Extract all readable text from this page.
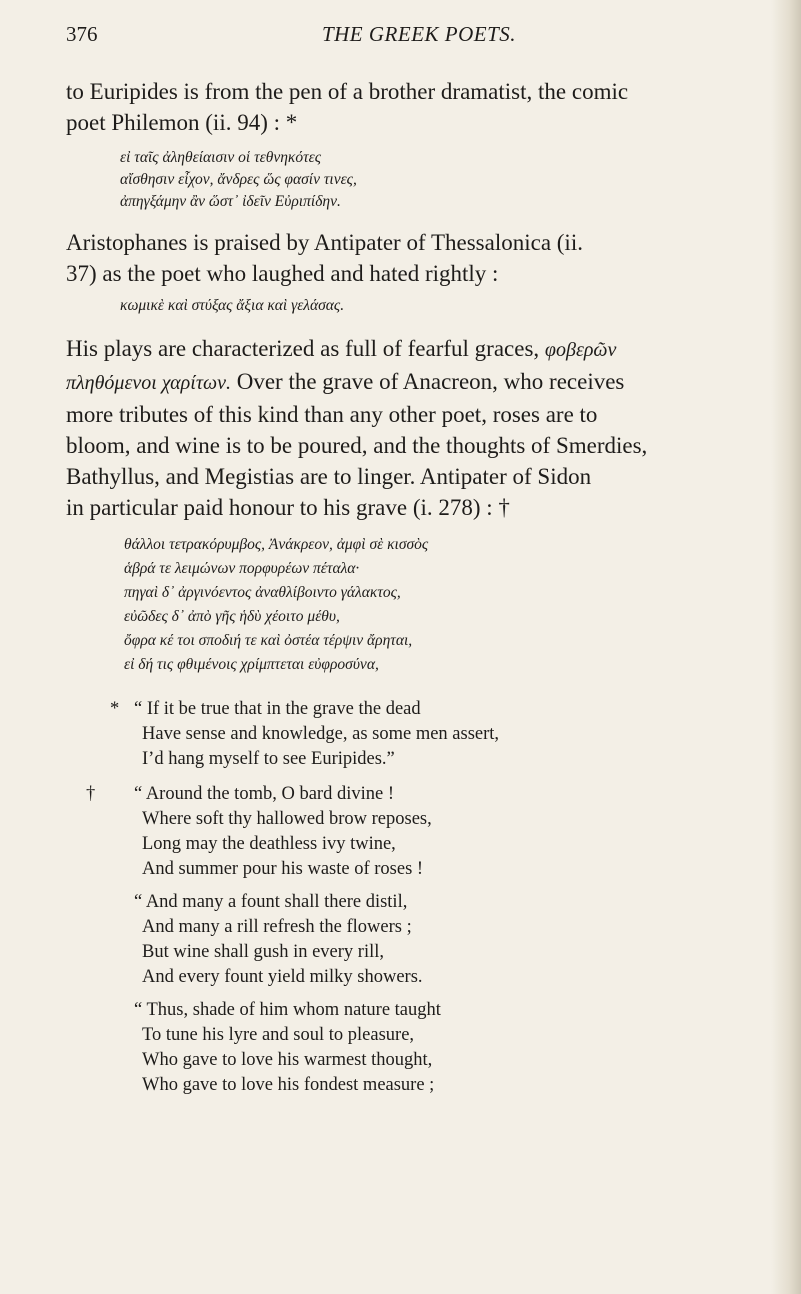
376	THE GREEK POETS.

to Euripides is from the pen of a brother dramatist, the comic
poet Philemon (ii. 94) : *

εἰ ταῖς ἀληθείαισιν οἱ τεθνηκότες
αἴσθησιν εἶχον, ἄνδρες ὥς φασίν τινες,
ἀπηγξάμην ἂν ὥστ᾽ ἰδεῖν Εὐριπίδην.

Aristophanes is praised by Antipater of Thessalonica (ii.
37) as the poet who laughed and hated rightly :

κωμικὲ καὶ στύξας ἄξια καὶ γελάσας.

His plays are characterized as full of fearful graces, φοβερῶν
πληθόμενοι χαρίτων. Over the grave of Anacreon, who receives
more tributes of this kind than any other poet, roses are to
bloom, and wine is to be poured, and the thoughts of Smerdies,
Bathyllus, and Megistias are to linger. Antipater of Sidon
in particular paid honour to his grave (i. 278) : †

θάλλοι τετρακόρυμβος, Ἀνάκρεον, ἀμφὶ σὲ κισσὸς
ἁβρά τε λειμώνων πορφυρέων πέταλα·
πηγαὶ δ᾽ ἀργινόεντος ἀναθλίβοιντο γάλακτος,
εὐῶδες δ᾽ ἀπὸ γῆς ἡδὺ χέοιτο μέθυ,
ὄφρα κέ τοι σποδιή τε καὶ ὀστέα τέρψιν ἄρηται,
εἰ δή τις φθιμένοις χρίμπτεται εὐφροσύνα,
* “ If it be true that in the grave the dead
Have sense and knowledge, as some men assert,
I’d hang myself to see Euripides.”
† “ Around the tomb, O bard divine !
Where soft thy hallowed brow reposes,
Long may the deathless ivy twine,
And summer pour his waste of roses !
“ And many a fount shall there distil,
And many a rill refresh the flowers ;
But wine shall gush in every rill,
And every fount yield milky showers.
“ Thus, shade of him whom nature taught
To tune his lyre and soul to pleasure,
Who gave to love his warmest thought,
Who gave to love his fondest measure ;
